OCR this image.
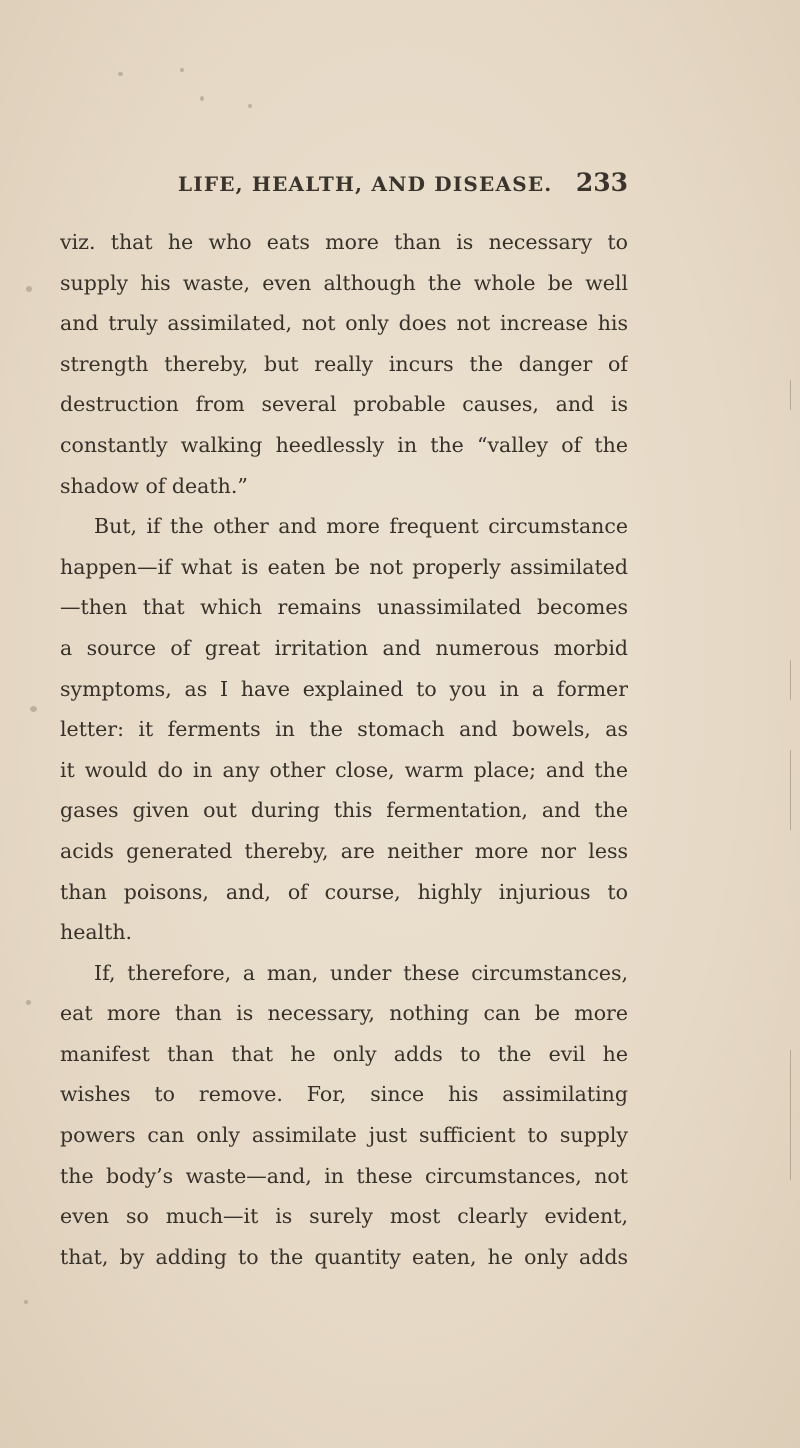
LIFE, HEALTH, AND DISEASE. 233
viz. that he who eats more than is necessary to
supply his waste, even although the whole be well
and truly assimilated, not only does not increase his
strength thereby, but really incurs the danger of
destruction from several probable causes, and is
constantly walking heedlessly in the “valley of the
shadow of death.”
But, if the other and more frequent circumstance
happen—if what is eaten be not properly assimilated
—then that which remains unassimilated becomes
a source of great irritation and numerous morbid
symptoms, as I have explained to you in a former
letter: it ferments in the stomach and bowels, as
it would do in any other close, warm place; and the
gases given out during this fermentation, and the
acids generated thereby, are neither more nor less
than poisons, and, of course, highly injurious to
health.
If, therefore, a man, under these circumstances,
eat more than is necessary, nothing can be more
manifest than that he only adds to the evil he
wishes to remove. For, since his assimilating
powers can only assimilate just sufficient to supply
the body’s waste—and, in these circumstances, not
even so much—it is surely most clearly evident,
that, by adding to the quantity eaten, he only adds
